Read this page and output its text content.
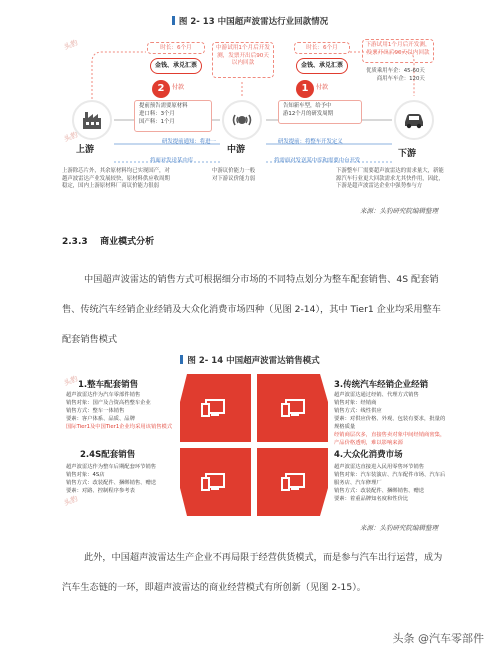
图 2- 13 中国超声波雷达行业回款情况
时长：6个月	中游试用1个月后开发测，发票开出后90天以内回款
时长：6个月	下游试用1个月后开发测，发票开出后90天以内回款
金钱、承兑汇票	金钱、承兑汇票
2	付款	1	付款
优质乘用车企：45-60天
商用车车企：120天
提前预告需要原材料
进口料：3个月
国产料：1个月
告知新车型，给予中
游12个月的研发周期
上游	中游	下游
研发提前通知：将进一	研发提前：将整车开发定义
将面对发送某中库	将需面对发送某中库和需要中台开发
上游除芯片外，其余原材料均已实现国产，对越声波雷达产业发展较快，原材料供应收周期稳定，国内上游原材料厂商议价能力很弱
中游议价能力一般
对下游议价能力弱
下游整车厂需要超声波雷达的需求量大，新能源汽车行业更大回款需求尤其快作用，因此，下游是超声波雷达企业中强势参与方
来源：头豹研究院编辑整理
2.3.3 商业模式分析
中国超声波雷达的销售方式可根据细分市场的不同特点划分为整车配套销售、4S 配套销售、传统汽车经销企业经销及大众化消费市场四种（见图 2-14），其中 Tier1 企业均采用整车配套销售模式
图 2- 14 中国超声波雷达销售模式
1.整车配套销售
超声波雷达作为汽车零部件销售
销售对象：国产及合资高档整车企业
销售方式：整车一体销售
要素：客户体系、品质、品牌
国际Tier1及中国Tier1企业均采用该销售模式
2.4S配套销售
超声波雷达作为整车后期配套环节销售
销售对象：4S店
销售方式：改装配件、捆绑销售、赠送
要素：对路、控制程序参考表
3.传统汽车经销企业经销
超声波雷达通过经销、代理方式销售
销售对象：经销商
销售方式：线性供应
要素：对供应价格、外观、包装有要求，批量的规格质量
经销商层次多，直接售卖对象中间经销商密集，产品价格透明，难以影响来源
4.大众化消费市场
超声波雷达直接进入民用零售环节销售
销售对象：汽车装演店、汽车配件市场、汽车后服务店、汽车修理厂
销售方式：改装配件、捆绑销售、赠送
要素：着重品牌知名度和性价比
来源：头豹研究院编辑整理
此外，中国超声波雷达生产企业不再局限于经营供货模式，而是参与汽车出行运营，成为汽车生态链的一环，即超声波雷达的商业经营模式有所创新（见图 2-15）。
头豹
头豹
头豹
头豹
头条 @汽车零部件
